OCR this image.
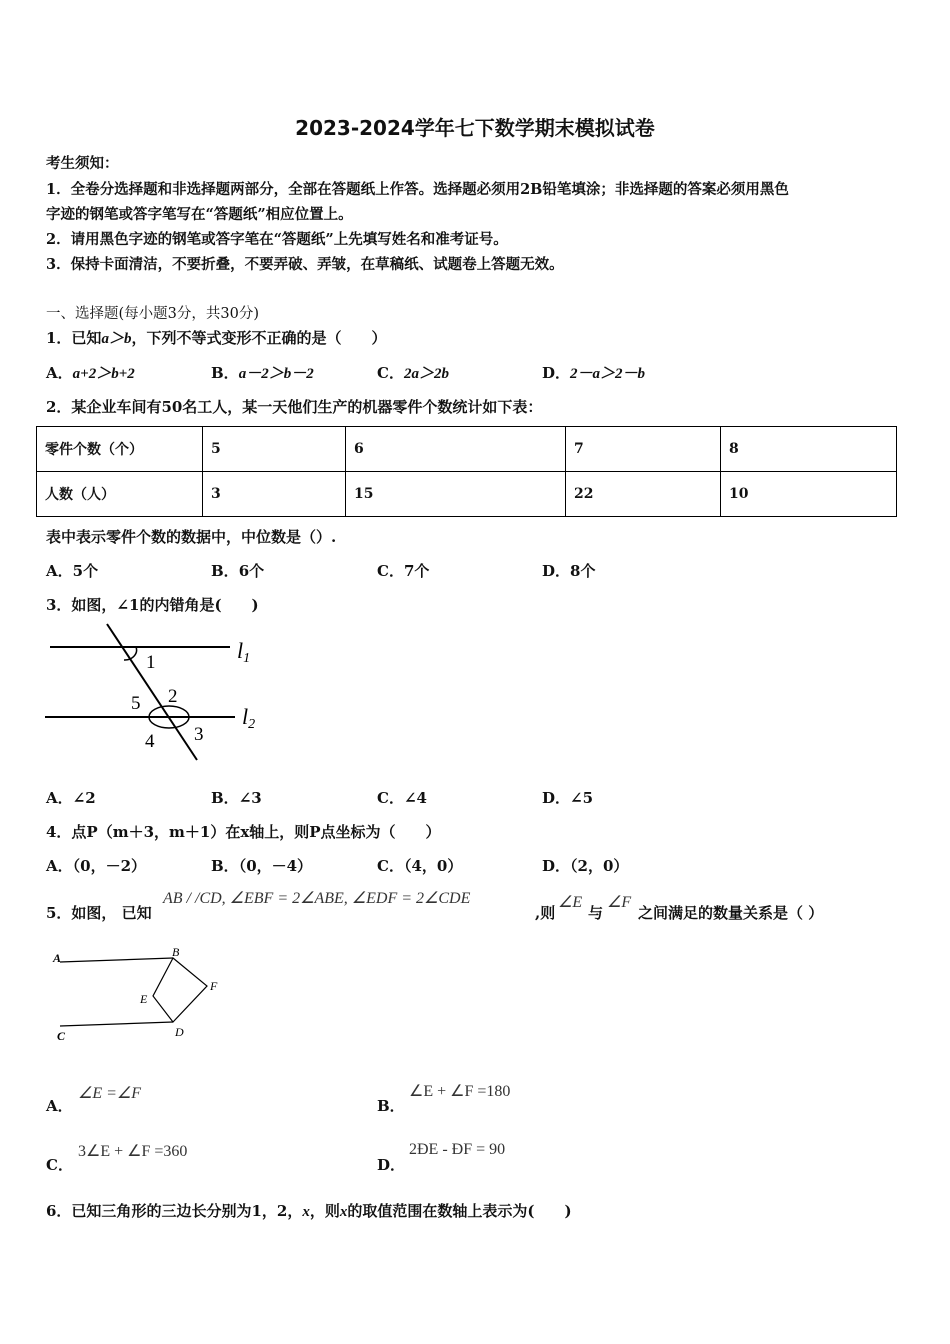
2023-2024学年七下数学期末模拟试卷
考生须知：
1．全卷分选择题和非选择题两部分，全部在答题纸上作答。选择题必须用2B铅笔填涂；非选择题的答案必须用黑色
字迹的钢笔或答字笔写在“答题纸”相应位置上。
2．请用黑色字迹的钢笔或答字笔在“答题纸”上先填写姓名和准考证号。
3．保持卡面清洁，不要折叠，不要弄破、弄皱，在草稿纸、试题卷上答题无效。
一、选择题(每小题3分，共30分)
1．已知a＞b，下列不等式变形不正确的是（　　）
A．a+2＞b+2	B．a－2＞b－2	C．2a＞2b	D．2－a＞2－b
2．某企业车间有50名工人，某一天他们生产的机器零件个数统计如下表：
零件个数（个）	5	6	7	8
人数（人）	3	15	22	10
表中表示零件个数的数据中，中位数是（）.
A．5个	B．6个	C．7个	D．8个
3．如图，∠1的内错角是(　　)
1
2
3
4
5
l1
l2
A．∠2	B．∠3	C．∠4	D．∠5
4．点P（m＋3，m＋1）在x轴上，则P点坐标为（　　）
A．（0，－2）	B．（0，－4）	C．（4，0）	D．（2，0）
5．如图， 已知
AB / /CD, ∠EBF = 2∠ABE, ∠EDF = 2∠CDE
,则
∠E
与
∠F
之间满足的数量关系是（ ）
A	B
C	D
E
F
A．
∠E =∠F
B．
∠E + ∠F =180
C．
3∠E + ∠F =360
D．
2ÐE - ÐF = 90
6．已知三角形的三边长分别为1，2，x，则x的取值范围在数轴上表示为(　　)
